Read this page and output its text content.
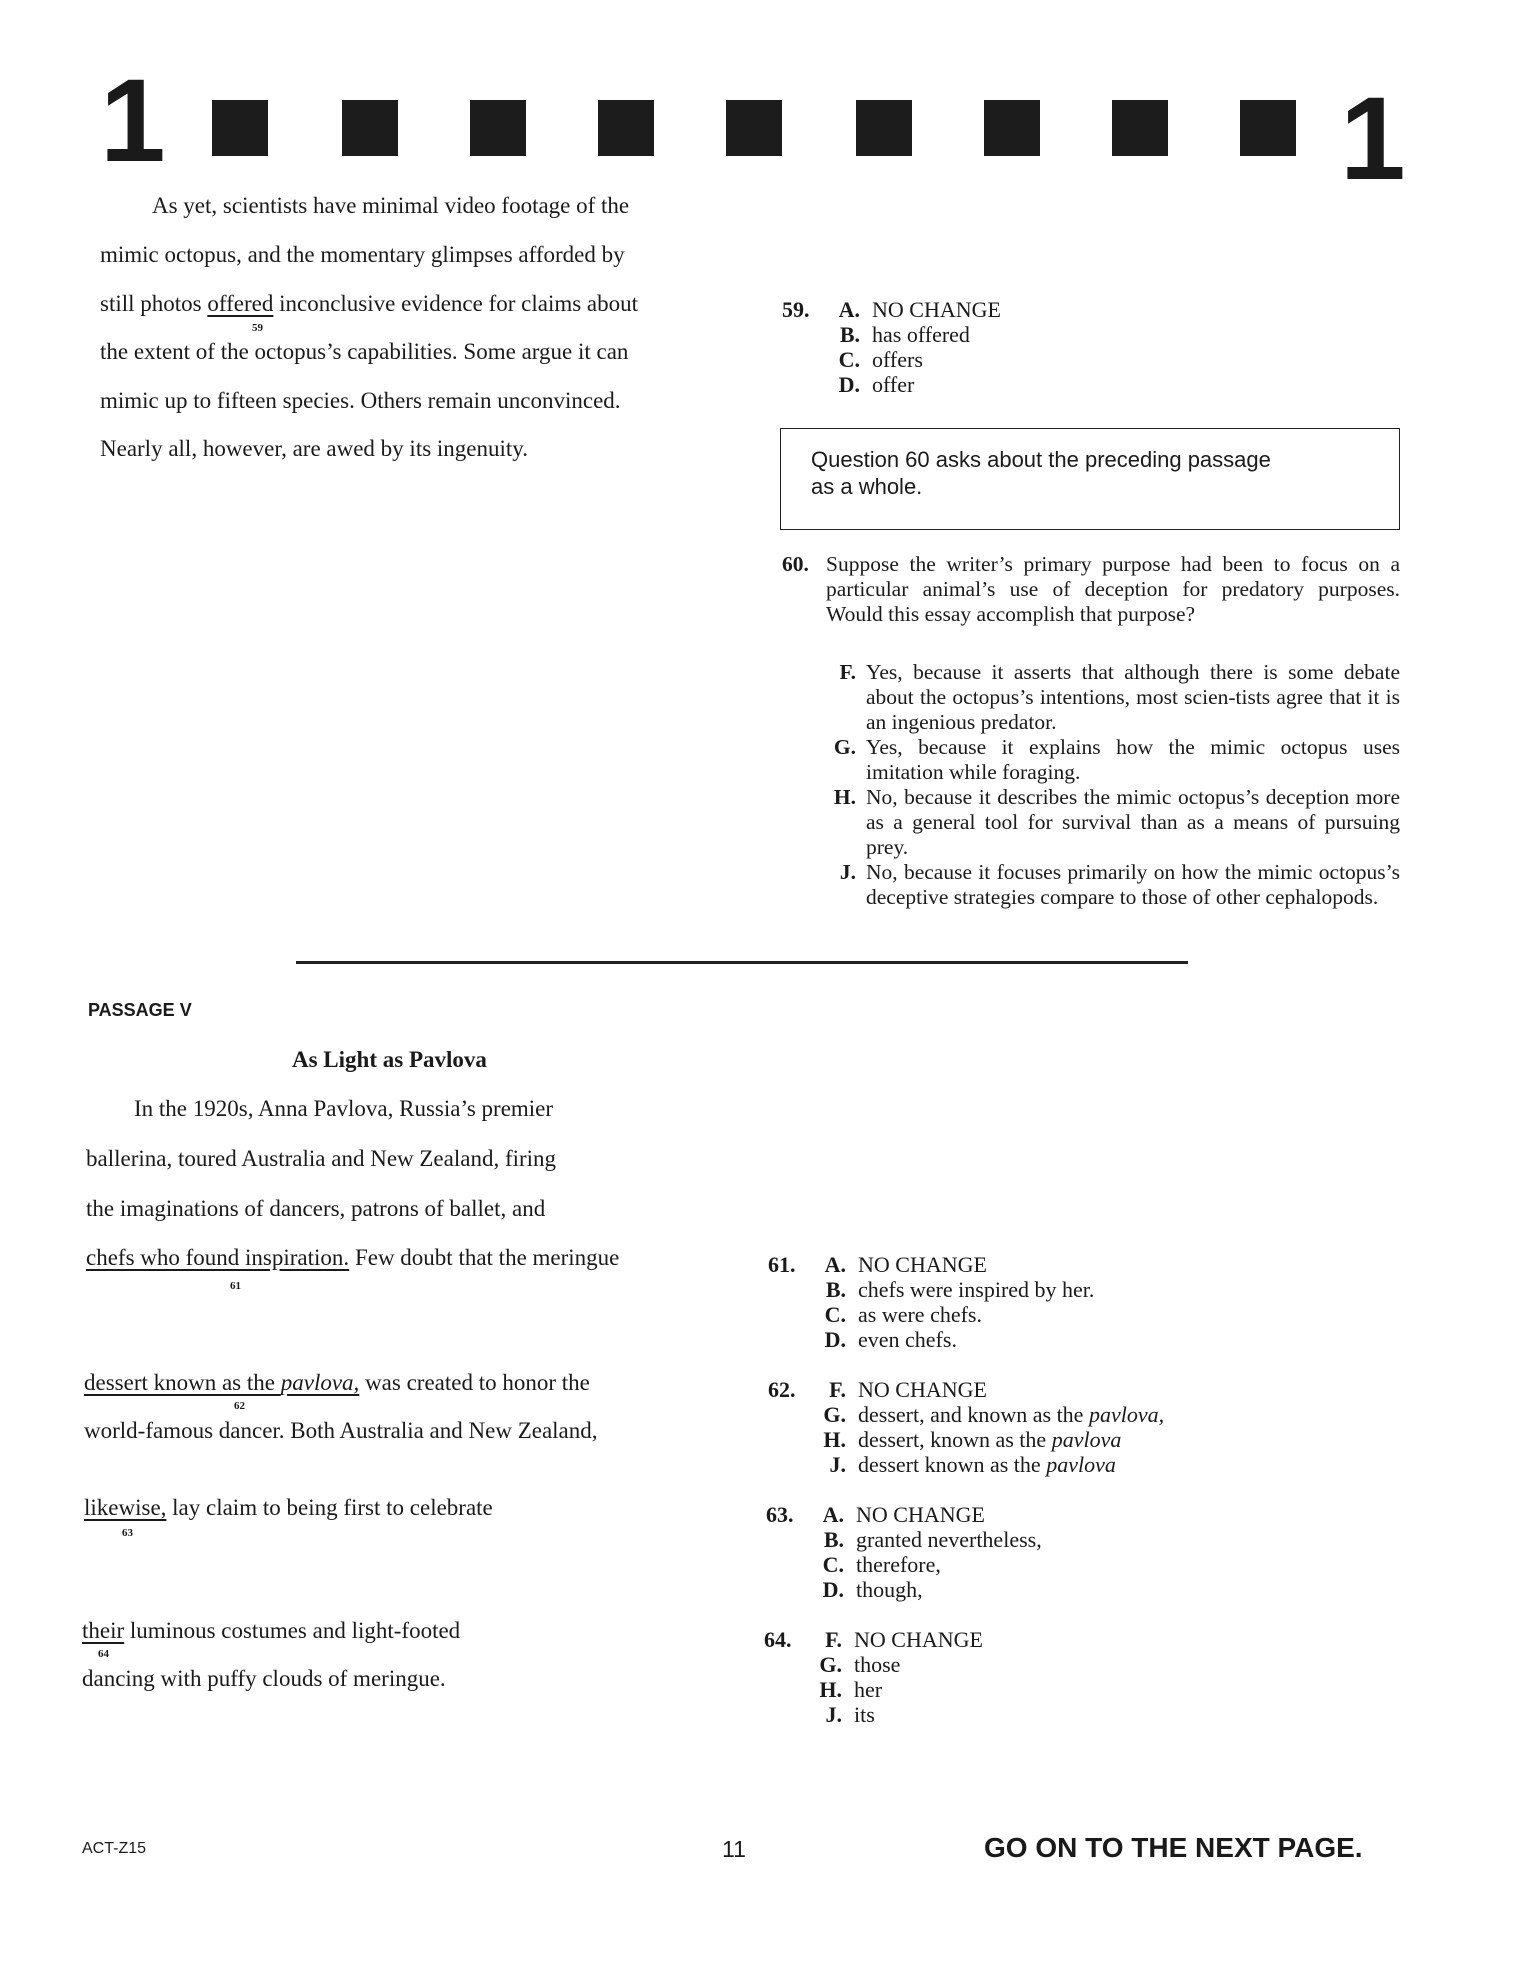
1	1
As yet, scientists have minimal video footage of the
mimic octopus, and the momentary glimpses afforded by
still photos offered inconclusive evidence for claims about
59
the extent of the octopus’s capabilities. Some argue it can
mimic up to fifteen species. Others remain unconvinced.
Nearly all, however, are awed by its ingenuity.
59. A. NO CHANGE
B. has offered
C. offers
D. offer
Question 60 asks about the preceding passage
as a whole.
60. Suppose the writer’s primary purpose had been to focus on a particular animal’s use of deception for predatory purposes. Would this essay accomplish that purpose?
F. Yes, because it asserts that although there is some debate about the octopus’s intentions, most scien-tists agree that it is an ingenious predator.
G. Yes, because it explains how the mimic octopus uses imitation while foraging.
H. No, because it describes the mimic octopus’s deception more as a general tool for survival than as a means of pursuing prey.
J. No, because it focuses primarily on how the mimic octopus’s deceptive strategies compare to those of other cephalopods.
PASSAGE V
As Light as Pavlova
In the 1920s, Anna Pavlova, Russia’s premier
ballerina, toured Australia and New Zealand, firing
the imaginations of dancers, patrons of ballet, and
chefs who found inspiration. Few doubt that the meringue
61
dessert known as the pavlova, was created to honor the
62
world-famous dancer. Both Australia and New Zealand,
likewise, lay claim to being first to celebrate
63
their luminous costumes and light-footed
64
dancing with puffy clouds of meringue.
61. A. NO CHANGE
B. chefs were inspired by her.
C. as were chefs.
D. even chefs.
62. F. NO CHANGE
G. dessert, and known as the pavlova,
H. dessert, known as the pavlova
J. dessert known as the pavlova
63. A. NO CHANGE
B. granted nevertheless,
C. therefore,
D. though,
64. F. NO CHANGE
G. those
H. her
J. its
ACT-Z15	11	GO ON TO THE NEXT PAGE.
